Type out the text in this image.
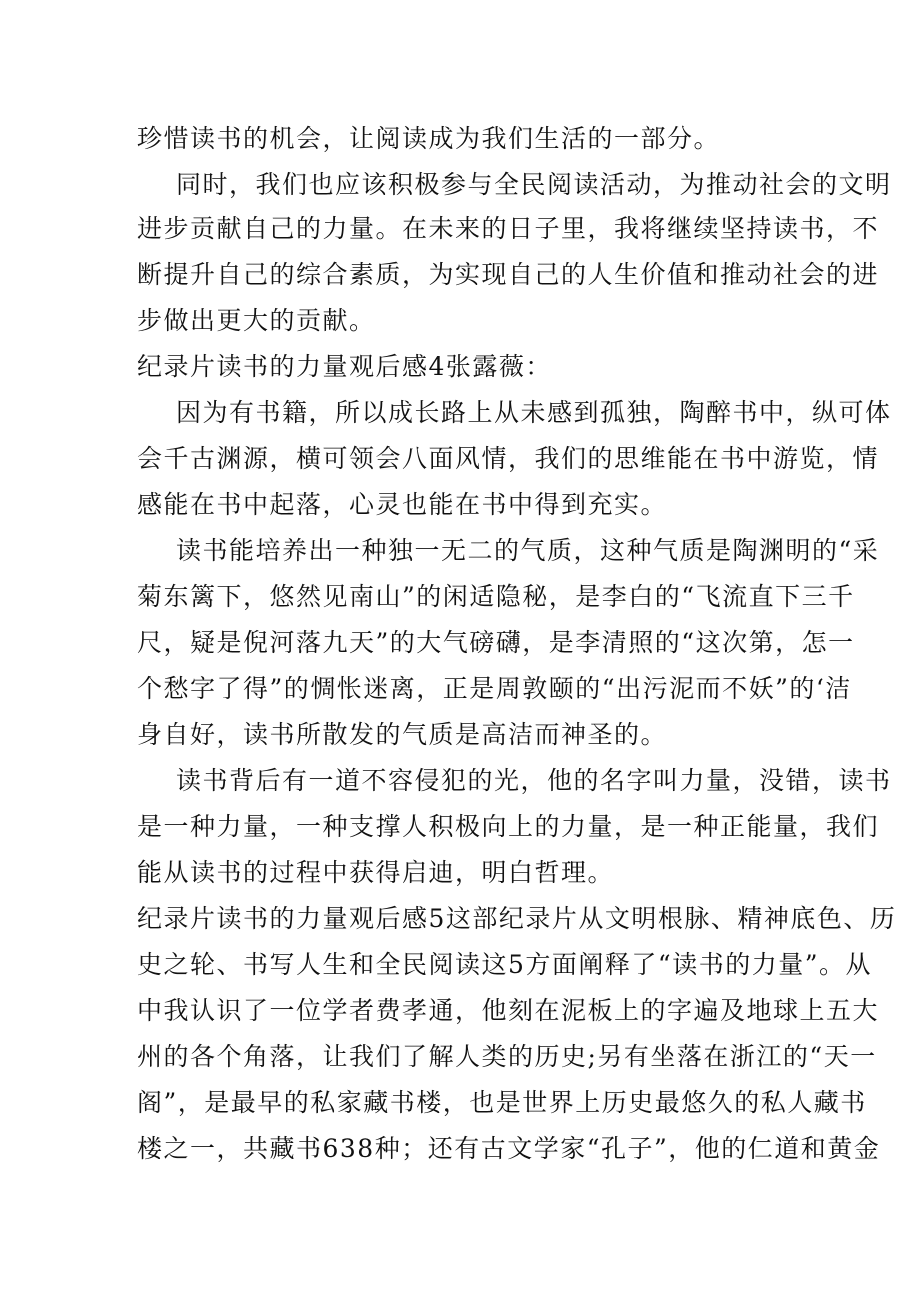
珍惜读书的机会，让阅读成为我们生活的一部分。
同时，我们也应该积极参与全民阅读活动，为推动社会的文明
进步贡献自己的力量。在未来的日子里，我将继续坚持读书，不
断提升自己的综合素质，为实现自己的人生价值和推动社会的进
步做出更大的贡献。
纪录片读书的力量观后感4张露薇：
因为有书籍，所以成长路上从未感到孤独，陶醉书中，纵可体
会千古渊源，横可领会八面风情，我们的思维能在书中游览，情
感能在书中起落，心灵也能在书中得到充实。
读书能培养出一种独一无二的气质，这种气质是陶渊明的“采
菊东篱下，悠然见南山”的闲适隐秘，是李白的“飞流直下三千
尺，疑是倪河落九天”的大气磅礴，是李清照的“这次第，怎一
个愁字了得”的惆怅迷离，正是周敦颐的“出污泥而不妖”的‘洁
身自好，读书所散发的气质是高洁而神圣的。
读书背后有一道不容侵犯的光，他的名字叫力量，没错，读书
是一种力量，一种支撑人积极向上的力量，是一种正能量，我们
能从读书的过程中获得启迪，明白哲理。
纪录片读书的力量观后感5这部纪录片从文明根脉、精神底色、历
史之轮、书写人生和全民阅读这5方面阐释了“读书的力量”。从
中我认识了一位学者费孝通，他刻在泥板上的字遍及地球上五大
州的各个角落，让我们了解人类的历史;另有坐落在浙江的“天一
阁”，是最早的私家藏书楼，也是世界上历史最悠久的私人藏书
楼之一，共藏书638种；还有古文学家“孔子”，他的仁道和黄金
